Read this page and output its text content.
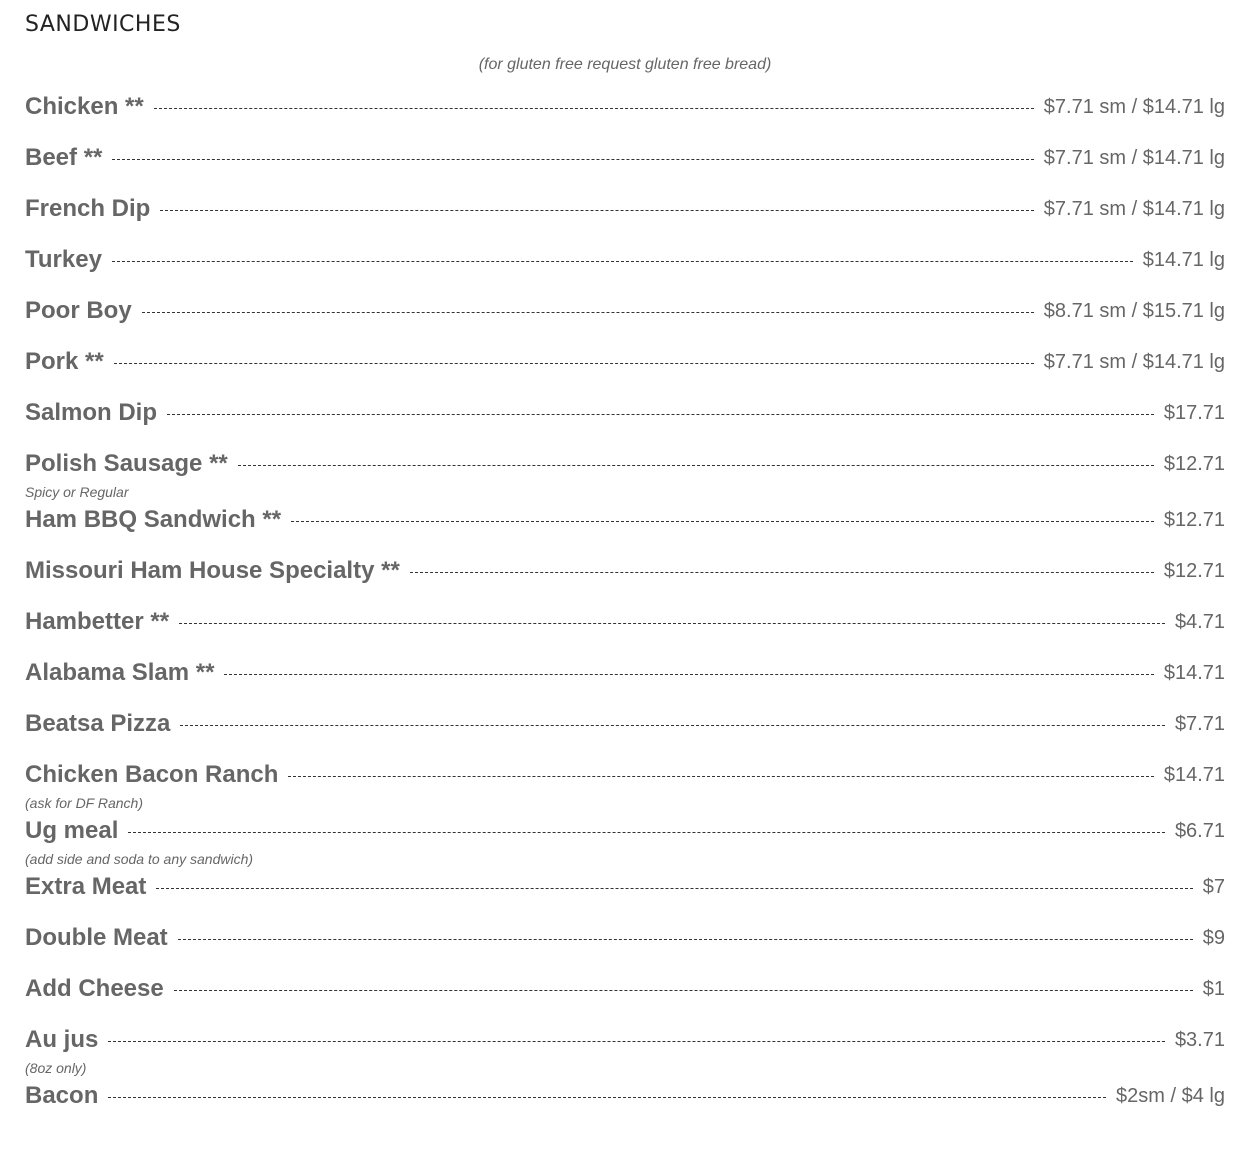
SANDWICHES
(for gluten free request gluten free bread)
Chicken **	$7.71 sm / $14.71 lg
Beef **	$7.71 sm / $14.71 lg
French Dip	$7.71 sm / $14.71 lg
Turkey	$14.71 lg
Poor Boy	$8.71 sm / $15.71 lg
Pork **	$7.71 sm / $14.71 lg
Salmon Dip	$17.71
Polish Sausage **	$12.71
Spicy or Regular
Ham BBQ Sandwich **	$12.71
Missouri Ham House Specialty **	$12.71
Hambetter **	$4.71
Alabama Slam **	$14.71
Beatsa Pizza	$7.71
Chicken Bacon Ranch	$14.71
(ask for DF Ranch)
Ug meal	$6.71
(add side and soda to any sandwich)
Extra Meat	$7
Double Meat	$9
Add Cheese	$1
Au jus	$3.71
(8oz only)
Bacon	$2sm / $4 lg
